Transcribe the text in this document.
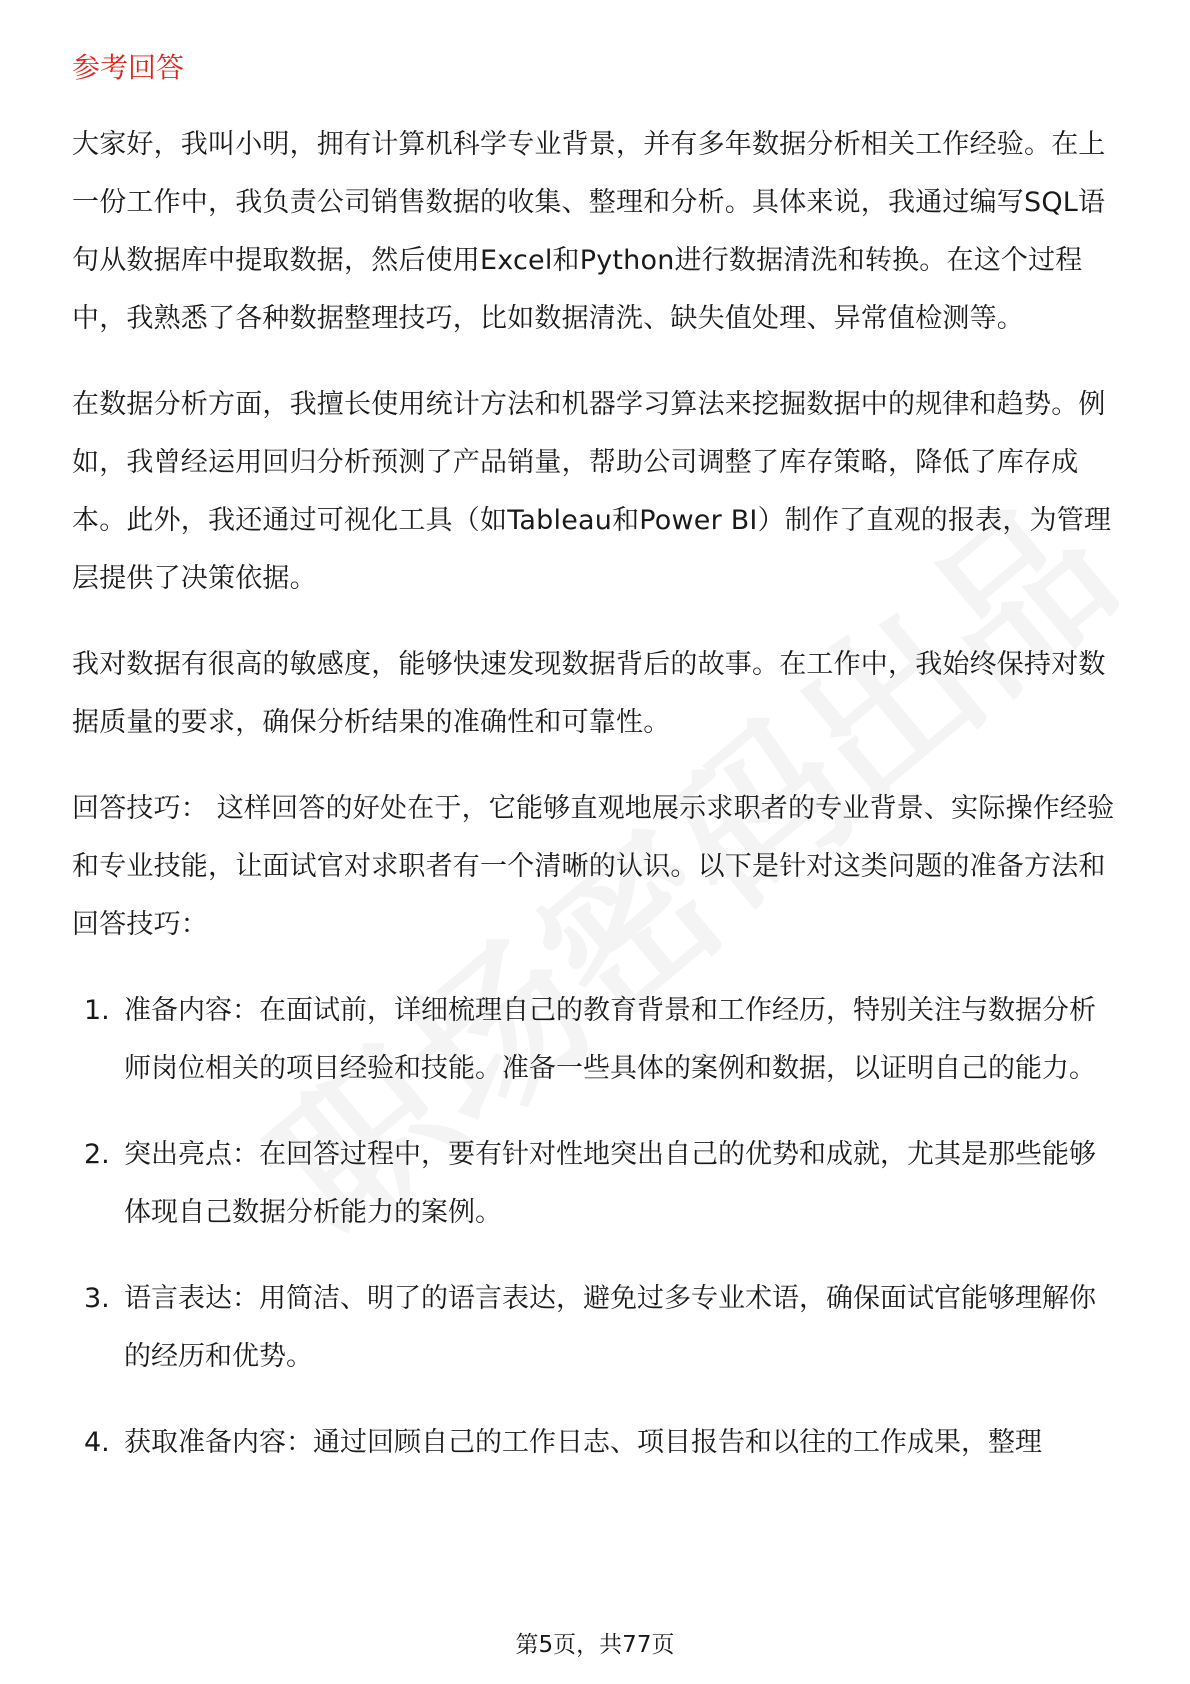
参考回答

大家好，我叫小明，拥有计算机科学专业背景，并有多年数据分析相关工作经验。在上一份工作中，我负责公司销售数据的收集、整理和分析。具体来说，我通过编写SQL语句从数据库中提取数据，然后使用Excel和Python进行数据清洗和转换。在这个过程中，我熟悉了各种数据整理技巧，比如数据清洗、缺失值处理、异常值检测等。

在数据分析方面，我擅长使用统计方法和机器学习算法来挖掘数据中的规律和趋势。例如，我曾经运用回归分析预测了产品销量，帮助公司调整了库存策略，降低了库存成本。此外，我还通过可视化工具（如Tableau和Power BI）制作了直观的报表，为管理层提供了决策依据。

我对数据有很高的敏感度，能够快速发现数据背后的故事。在工作中，我始终保持对数据质量的要求，确保分析结果的准确性和可靠性。

回答技巧： 这样回答的好处在于，它能够直观地展示求职者的专业背景、实际操作经验和专业技能，让面试官对求职者有一个清晰的认识。以下是针对这类问题的准备方法和回答技巧：

1. 准备内容：在面试前，详细梳理自己的教育背景和工作经历，特别关注与数据分析师岗位相关的项目经验和技能。准备一些具体的案例和数据，以证明自己的能力。
2. 突出亮点：在回答过程中，要有针对性地突出自己的优势和成就，尤其是那些能够体现自己数据分析能力的案例。
3. 语言表达：用简洁、明了的语言表达，避免过多专业术语，确保面试官能够理解你的经历和优势。
4. 获取准备内容：通过回顾自己的工作日志、项目报告和以往的工作成果，整理
第5页，共77页
